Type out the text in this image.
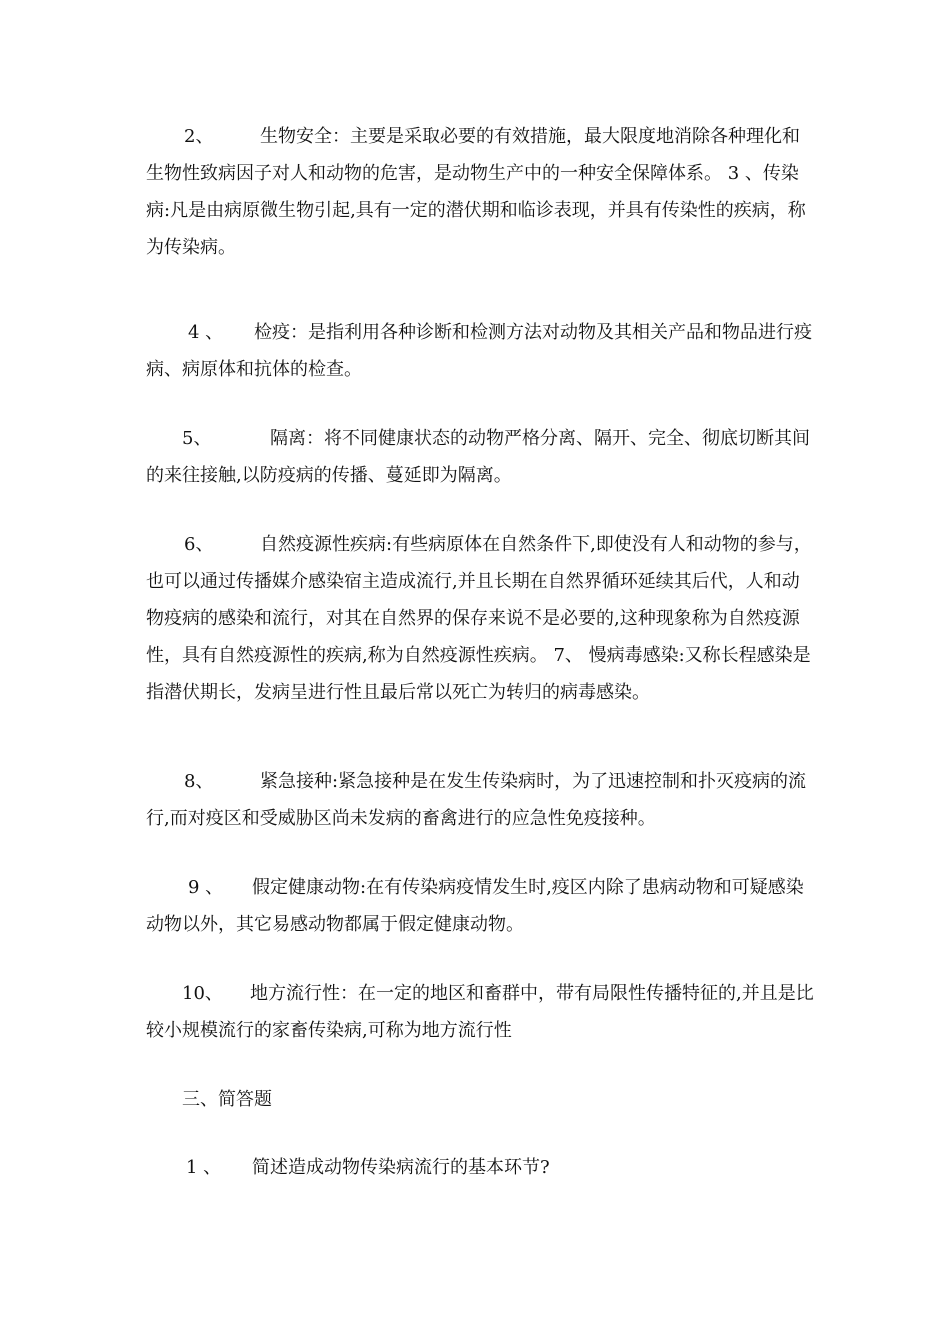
2、	生物安全：主要是采取必要的有效措施，最大限度地消除各种理化和生物性致病因子对人和动物的危害，是动物生产中的一种安全保障体系。 3 、传染病:凡是由病原微生物引起,具有一定的潜伏期和临诊表现，并具有传染性的疾病，称为传染病。

4 、 检疫：是指利用各种诊断和检测方法对动物及其相关产品和物品进行疫病、病原体和抗体的检查。

5、	隔离：将不同健康状态的动物严格分离、隔开、完全、彻底切断其间的来往接触,以防疫病的传播、蔓延即为隔离。

6、	自然疫源性疾病:有些病原体在自然条件下,即使没有人和动物的参与，也可以通过传播媒介感染宿主造成流行,并且长期在自然界循环延续其后代，人和动物疫病的感染和流行，对其在自然界的保存来说不是必要的,这种现象称为自然疫源性，具有自然疫源性的疾病,称为自然疫源性疾病。 7、 慢病毒感染:又称长程感染是指潜伏期长，发病呈进行性且最后常以死亡为转归的病毒感染。

8、	紧急接种:紧急接种是在发生传染病时，为了迅速控制和扑灭疫病的流行,而对疫区和受威胁区尚未发病的畜禽进行的应急性免疫接种。

9 、 假定健康动物:在有传染病疫情发生时,疫区内除了患病动物和可疑感染动物以外，其它易感动物都属于假定健康动物。

10、 地方流行性：在一定的地区和畜群中，带有局限性传播特征的,并且是比较小规模流行的家畜传染病,可称为地方流行性

三、简答题

1 、 简述造成动物传染病流行的基本环节?
